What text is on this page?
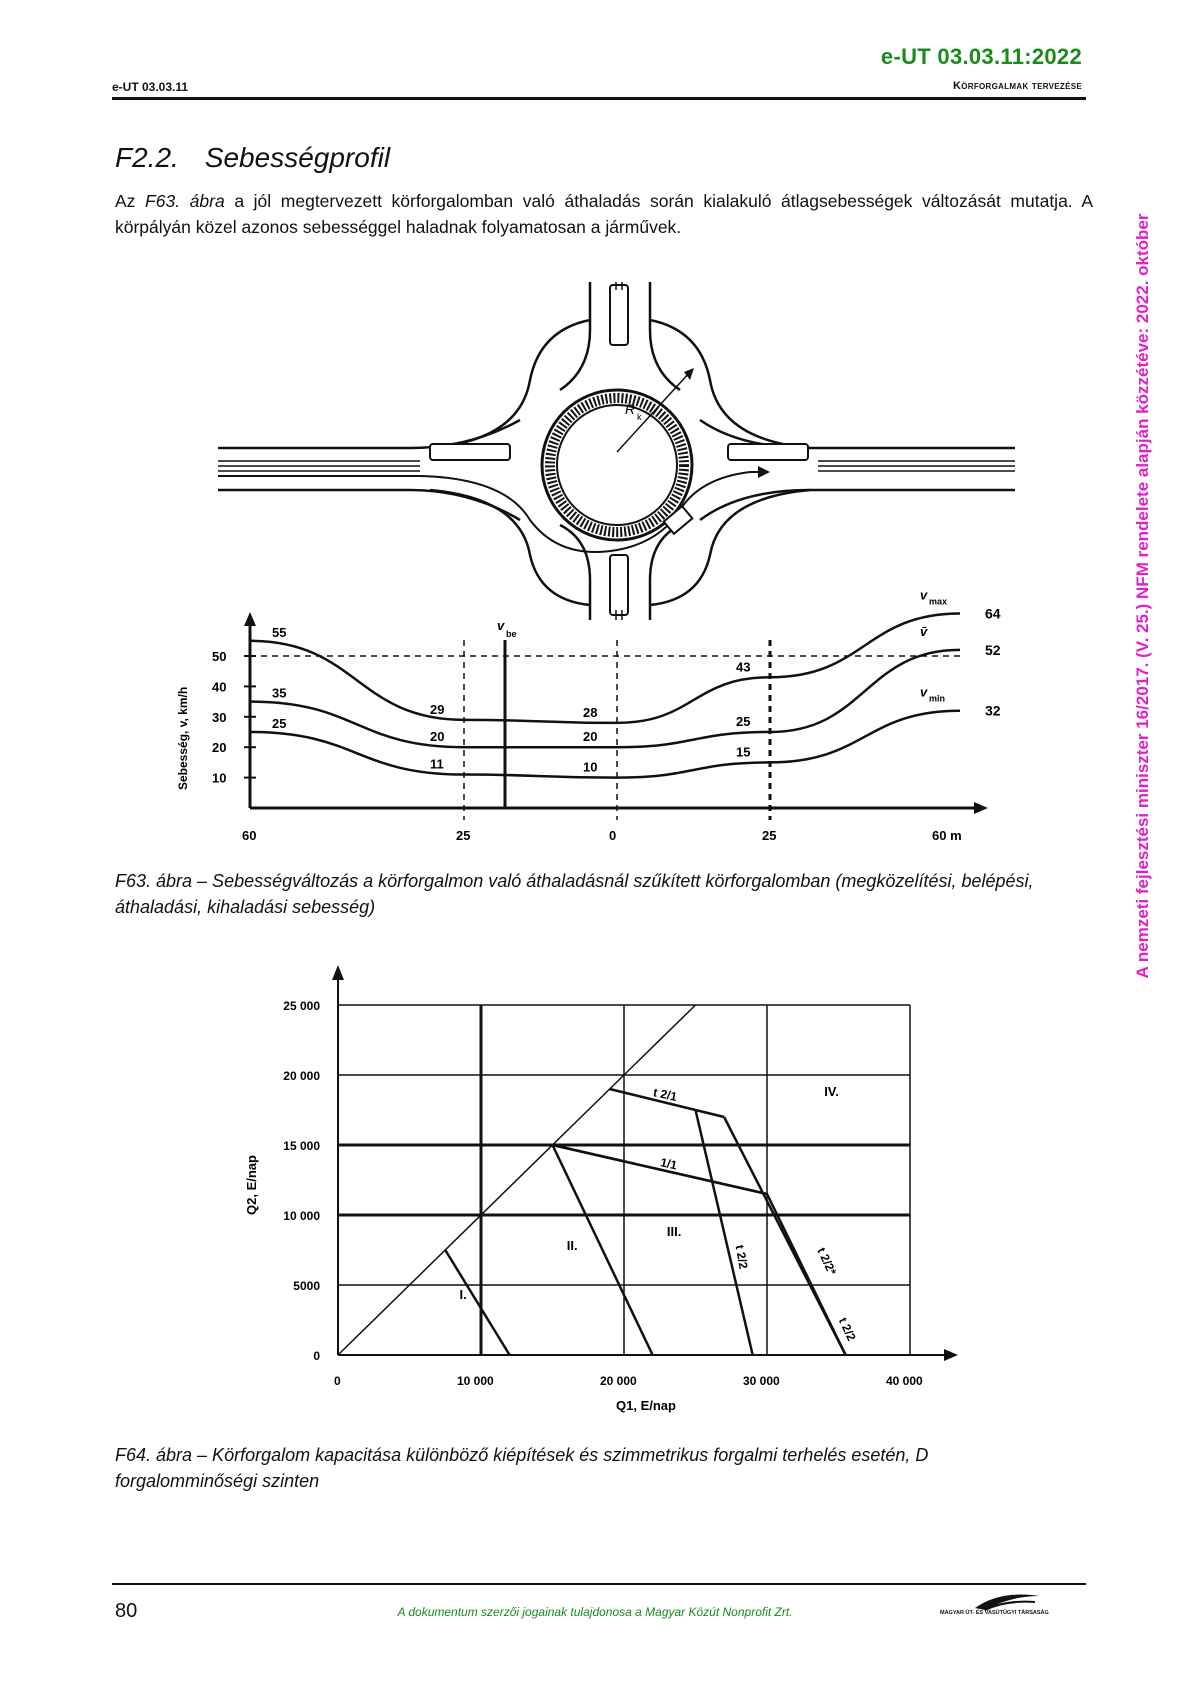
e-UT 03.03.11:2022
e-UT 03.03.11	Körforgalmak tervezése
F2.2. Sebességprofil
Az F63. ábra a jól megtervezett körforgalomban való áthaladás során kialakuló átlagsebességek változását mutatja. A körpályán közel azonos sebességgel haladnak folyamatosan a járművek.
R k
Sebesség, v, km/h 10
20
30
40
50
60	25	0	25	60 m
55
29	28
43
64
v max
35
20	20
25
52
v̄
25
11	10
15
32
v min
v
be
F63. ábra – Sebességváltozás a körforgalmon való áthaladásnál szűkített körforgalomban (megközelítési, belépési, áthaladási, kihaladási sebesség)
0	10 000	20 000	30 000	40 000
0
5000
10 000
15 000
20 000
25 000
I.
II.
III.
IV.
1/1
t 2/1
t 2/2	t 2/2*
t 2/2
Q1, E/nap
Q2, E/nap
F64. ábra – Körforgalom kapacitása különböző kiépítések és szimmetrikus forgalmi terhelés esetén, D forgalomminőségi szinten
A nemzeti fejlesztési miniszter 16/2017. (V. 25.) NFM rendelete alapján közzétéve: 2022. október
80	A dokumentum szerzői jogainak tulajdonosa a Magyar Közút Nonprofit Zrt.	MAGYAR ÚT- ÉS VASÚTÜGYI TÁRSASÁG
